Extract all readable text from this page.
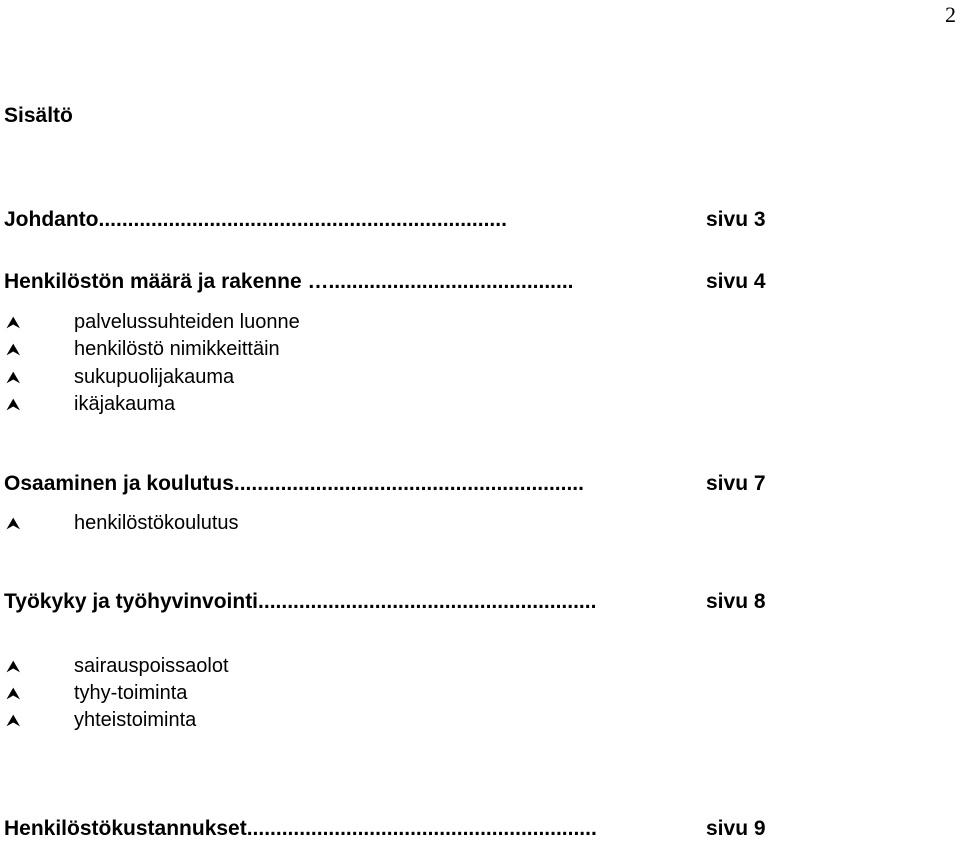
2
Sisältö
Johdanto......................................................................	sivu 3
Henkilöstön määrä ja rakenne …..........................................	sivu 4
⮝	palvelussuhteiden luonne
⮝	henkilöstö nimikkeittäin
⮝	sukupuolijakauma
⮝	ikäjakauma
Osaaminen ja koulutus............................................................	sivu 7
⮝	henkilöstökoulutus
Työkyky ja työhyvinvointi..........................................................	sivu 8
⮝	sairauspoissaolot
⮝	tyhy-toiminta
⮝	yhteistoiminta
Henkilöstökustannukset............................................................	sivu 9
